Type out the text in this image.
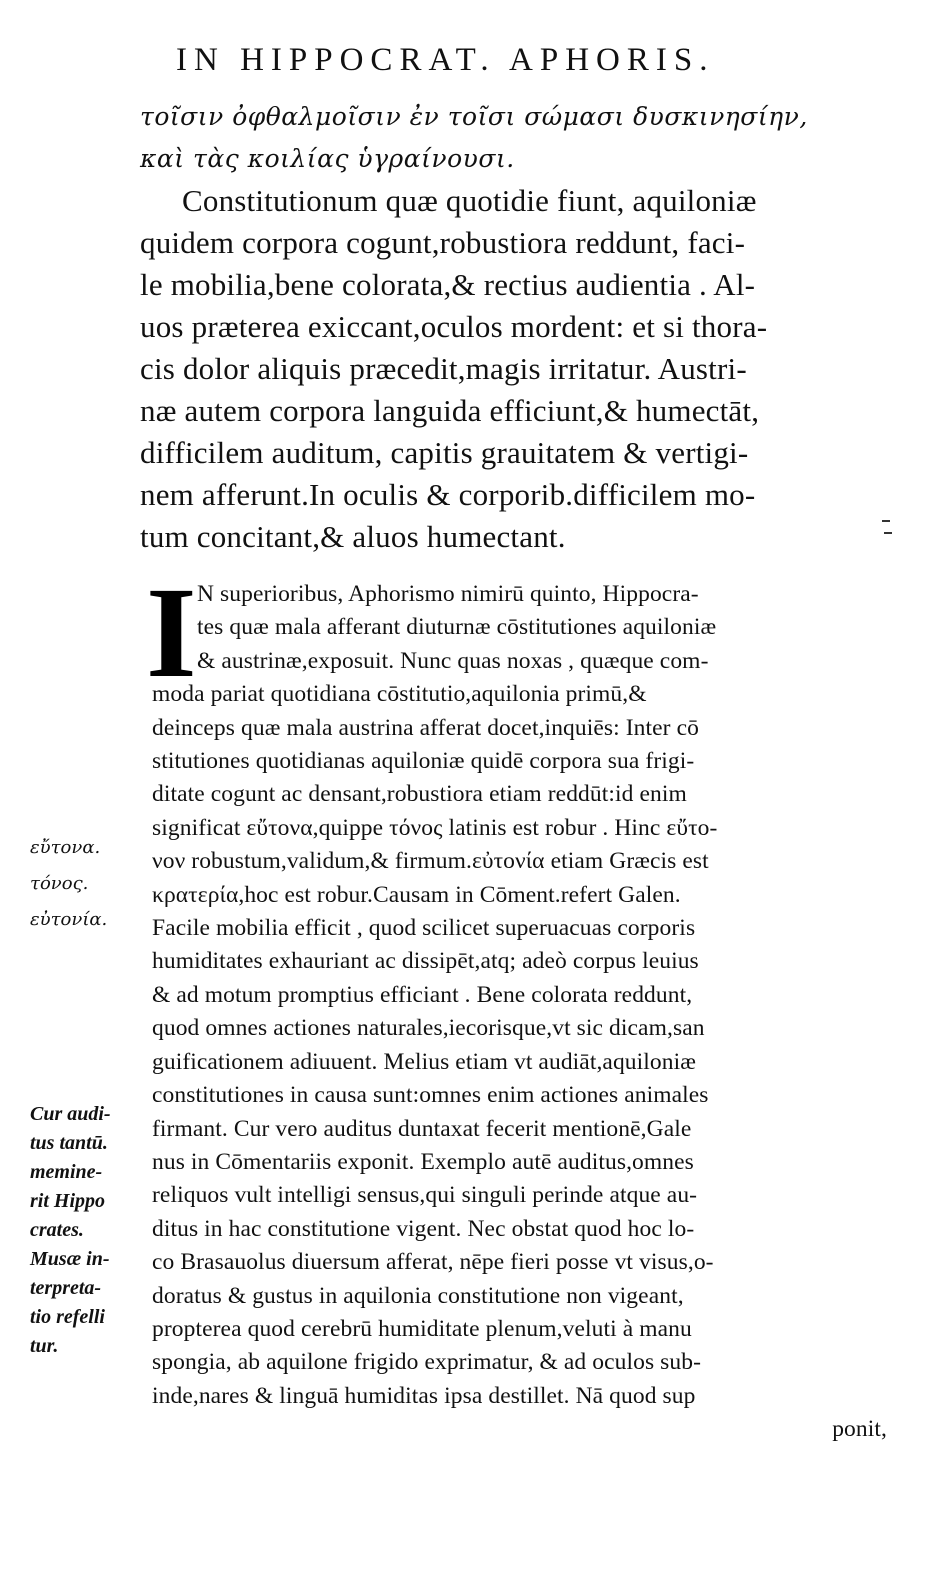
IN HIPPOCRAT. APHORIS.
τοῖσιν ὀφθαλμοῖσιν ἐν τοῖσι σώμασι δυσκινησίην,
καὶ τὰς κοιλίας ὑγραίνουσι.
Constitutionum quæ quotidie fiunt, aquiloniæ
quidem corpora cogunt,robustiora reddunt, faci-
le mobilia,bene colorata,& rectius audientia . Al-
uos præterea exiccant,oculos mordent: et si thora-
cis dolor aliquis præcedit,magis irritatur. Austri-
næ autem corpora languida efficiunt,& humectāt,
difficilem auditum, capitis grauitatem & vertigi-
nem afferunt.In oculis & corporib.difficilem mo-
tum concitant,& aluos humectant.
I N superioribus, Aphorismo nimirū quinto, Hippocra-
tes quæ mala afferant diuturnæ cōstitutiones aquiloniæ
& austrinæ,exposuit. Nunc quas noxas , quæque com-
moda pariat quotidiana cōstitutio,aquilonia primū,&
deinceps quæ mala austrina afferat docet,inquiēs: Inter cō
stitutiones quotidianas aquiloniæ quidē corpora sua frigi-
ditate cogunt ac densant,robustiora etiam reddūt:id enim
significat εὔτονα,quippe τόνος latinis est robur . Hinc εὔτο-
νον robustum,validum,& firmum.εὐτονία etiam Græcis est
κρατερία,hoc est robur.Causam in Cōment.refert Galen.
Facile mobilia efficit , quod scilicet superuacuas corporis
humiditates exhauriant ac dissipēt,atq; adeò corpus leuius
& ad motum promptius efficiant . Bene colorata reddunt,
quod omnes actiones naturales,iecorisque,vt sic dicam,san
guificationem adiuuent. Melius etiam vt audiāt,aquiloniæ
constitutiones in causa sunt:omnes enim actiones animales
firmant. Cur vero auditus duntaxat fecerit mentionē,Gale
nus in Cōmentariis exponit. Exemplo autē auditus,omnes
reliquos vult intelligi sensus,qui singuli perinde atque au-
ditus in hac constitutione vigent. Nec obstat quod hoc lo-
co Brasauolus diuersum afferat, nēpe fieri posse vt visus,o-
doratus & gustus in aquilonia constitutione non vigeant,
propterea quod cerebrū humiditate plenum,veluti à manu
spongia, ab aquilone frigido exprimatur, & ad oculos sub-
inde,nares & linguā humiditas ipsa destillet. Nā quod sup
ponit,
εὔτονα.
τόνος.
εὐτονία.
Cur audi-
tus tantū.
memine-
rit Hippo
crates.
Musæ in-
terpreta-
tio refelli
tur.
